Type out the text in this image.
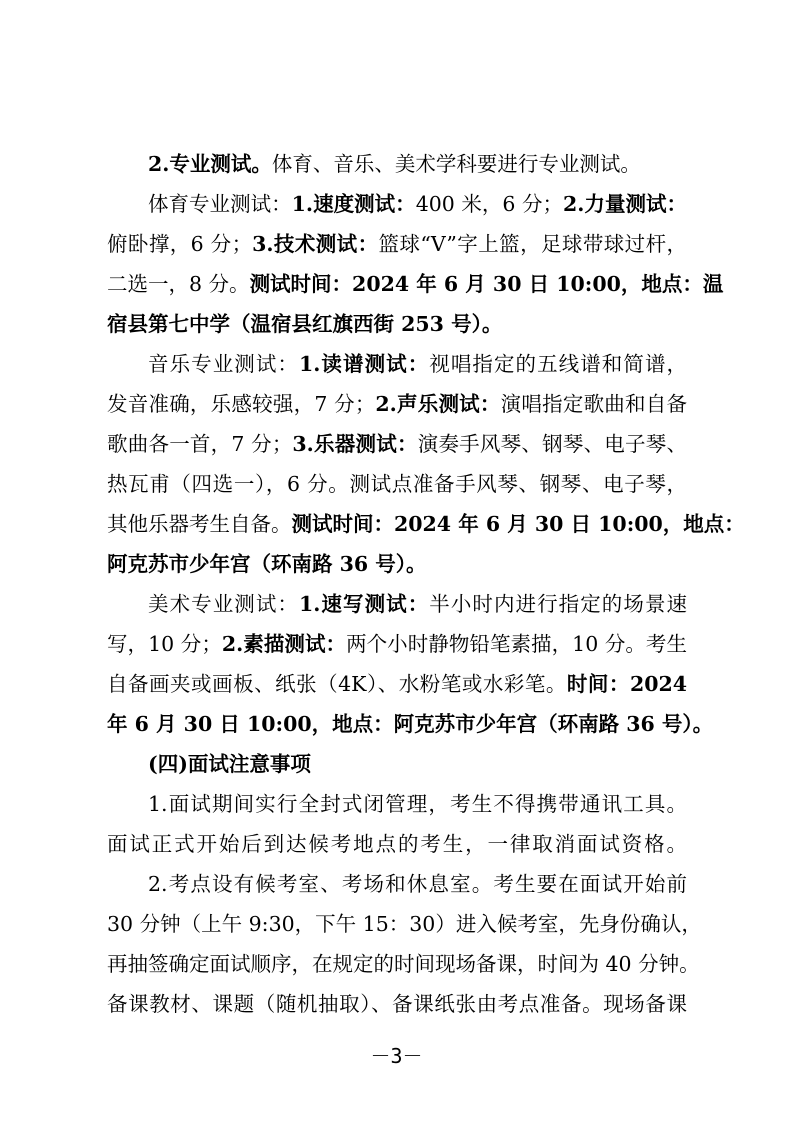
2.专业测试。体育、音乐、美术学科要进行专业测试。
体育专业测试：1.速度测试：400 米，6 分；2.力量测试：
俯卧撑，6 分；3.技术测试：篮球“V”字上篮，足球带球过杆，
二选一，8 分。测试时间：2024 年 6 月 30 日 10:00，地点：温
宿县第七中学（温宿县红旗西街 253 号）。
音乐专业测试：1.读谱测试：视唱指定的五线谱和简谱，
发音准确，乐感较强，7 分；2.声乐测试：演唱指定歌曲和自备
歌曲各一首，7 分；3.乐器测试：演奏手风琴、钢琴、电子琴、
热瓦甫（四选一），6 分。测试点准备手风琴、钢琴、电子琴，
其他乐器考生自备。测试时间：2024 年 6 月 30 日 10:00，地点：
阿克苏市少年宫（环南路 36 号）。
美术专业测试：1.速写测试：半小时内进行指定的场景速
写，10 分；2.素描测试：两个小时静物铅笔素描，10 分。考生
自备画夹或画板、纸张（4K）、水粉笔或水彩笔。时间：2024
年 6 月 30 日 10:00，地点：阿克苏市少年宫（环南路 36 号）。
(四)面试注意事项
1.面试期间实行全封式闭管理，考生不得携带通讯工具。
面试正式开始后到达候考地点的考生，一律取消面试资格。
2.考点设有候考室、考场和休息室。考生要在面试开始前
30 分钟（上午 9:30，下午 15：30）进入候考室，先身份确认，
再抽签确定面试顺序，在规定的时间现场备课，时间为 40 分钟。
备课教材、课题（随机抽取）、备课纸张由考点准备。现场备课
－3－
